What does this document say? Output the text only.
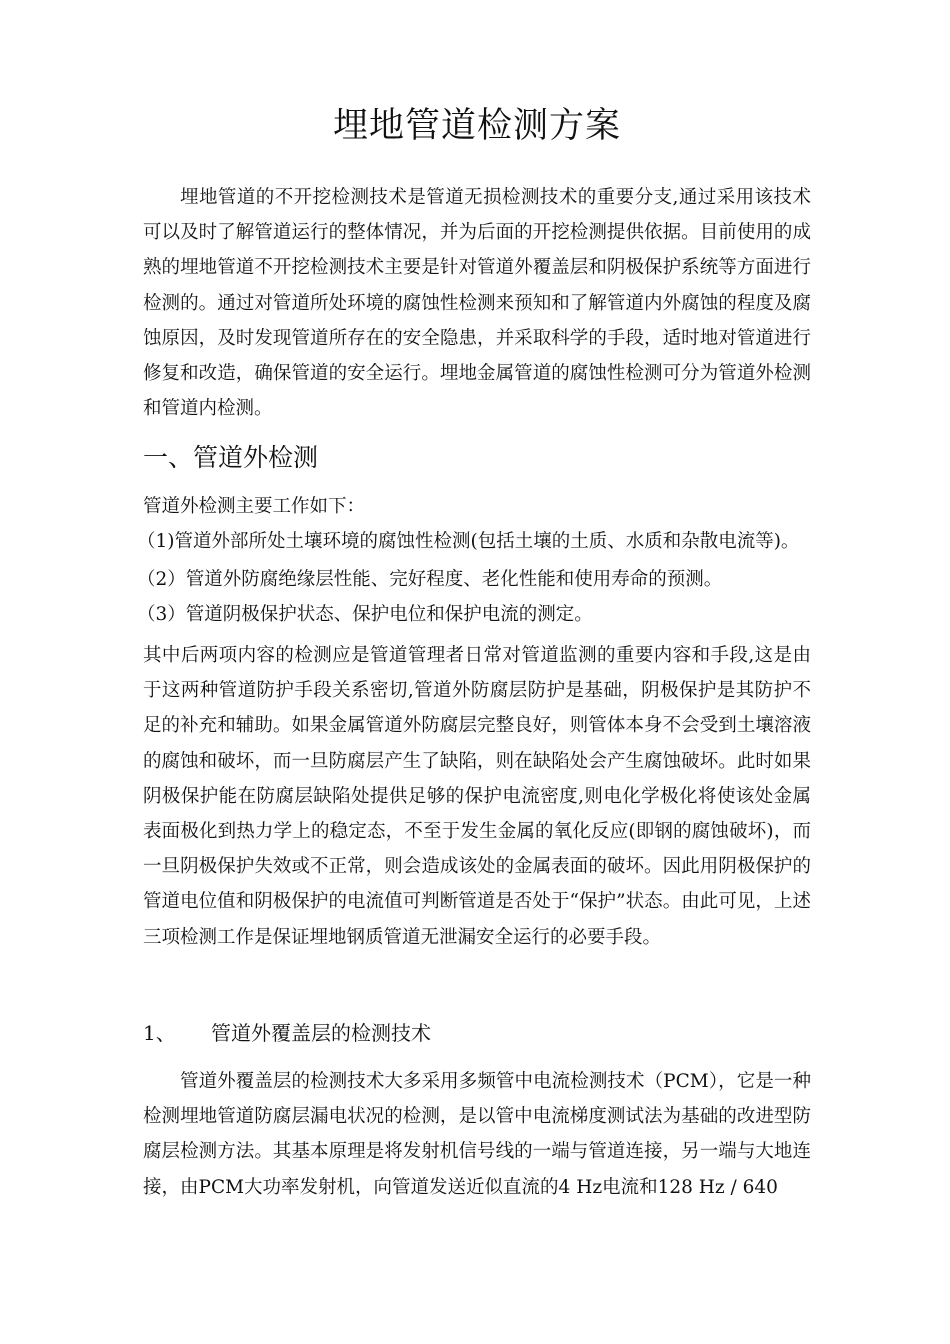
埋地管道检测方案

埋地管道的不开挖检测技术是管道无损检测技术的重要分支,通过采用该技术可以及时了解管道运行的整体情况，并为后面的开挖检测提供依据。目前使用的成熟的埋地管道不开挖检测技术主要是针对管道外覆盖层和阴极保护系统等方面进行检测的。通过对管道所处环境的腐蚀性检测来预知和了解管道内外腐蚀的程度及腐蚀原因，及时发现管道所存在的安全隐患，并采取科学的手段，适时地对管道进行修复和改造，确保管道的安全运行。埋地金属管道的腐蚀性检测可分为管道外检测和管道内检测。

一、管道外检测

管道外检测主要工作如下：

（1)管道外部所处土壤环境的腐蚀性检测(包括土壤的土质、水质和杂散电流等)。

（2）管道外防腐绝缘层性能、完好程度、老化性能和使用寿命的预测。

（3）管道阴极保护状态、保护电位和保护电流的测定。

其中后两项内容的检测应是管道管理者日常对管道监测的重要内容和手段,这是由于这两种管道防护手段关系密切,管道外防腐层防护是基础，阴极保护是其防护不足的补充和辅助。如果金属管道外防腐层完整良好，则管体本身不会受到土壤溶液的腐蚀和破坏，而一旦防腐层产生了缺陷，则在缺陷处会产生腐蚀破坏。此时如果阴极保护能在防腐层缺陷处提供足够的保护电流密度,则电化学极化将使该处金属表面极化到热力学上的稳定态，不至于发生金属的氧化反应(即钢的腐蚀破坏)，而一旦阴极保护失效或不正常，则会造成该处的金属表面的破坏。因此用阴极保护的管道电位值和阴极保护的电流值可判断管道是否处于“保护”状态。由此可见，上述三项检测工作是保证埋地钢质管道无泄漏安全运行的必要手段。

1、 管道外覆盖层的检测技术

管道外覆盖层的检测技术大多采用多频管中电流检测技术（PCM），它是一种检测埋地管道防腐层漏电状况的检测，是以管中电流梯度测试法为基础的改进型防腐层检测方法。其基本原理是将发射机信号线的一端与管道连接，另一端与大地连接，由PCM大功率发射机，向管道发送近似直流的4 Hz电流和128 Hz / 640
